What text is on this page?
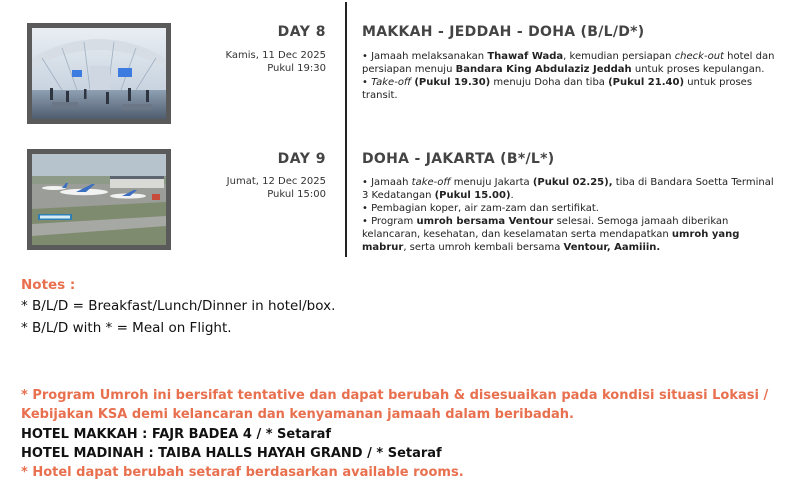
DAY 8
Kamis, 11 Dec 2025
Pukul 19:30
MAKKAH - JEDDAH - DOHA (B/L/D*)

• Jamaah melaksanakan Thawaf Wada, kemudian persiapan check-out hotel dan persiapan menuju Bandara King Abdulaziz Jeddah untuk proses kepulangan.

• Take-off (Pukul 19.30) menuju Doha dan tiba (Pukul 21.40) untuk proses transit.

DAY 9
Jumat, 12 Dec 2025
Pukul 15:00
DOHA - JAKARTA (B*/L*)

• Jamaah take-off menuju Jakarta (Pukul 02.25), tiba di Bandara Soetta Terminal 3 Kedatangan (Pukul 15.00).

• Pembagian koper, air zam-zam dan sertifikat.

• Program umroh bersama Ventour selesai. Semoga jamaah diberikan kelancaran, kesehatan, dan keselamatan serta mendapatkan umroh yang mabrur, serta umroh kembali bersama Ventour, Aamiiin.

Notes :
* B/L/D = Breakfast/Lunch/Dinner in hotel/box.
* B/L/D with * = Meal on Flight.
* Program Umroh ini bersifat tentative dan dapat berubah & disesuaikan pada kondisi situasi Lokasi / Kebijakan KSA demi kelancaran dan kenyamanan jamaah dalam beribadah.
HOTEL MAKKAH : FAJR BADEA 4 / * Setaraf
HOTEL MADINAH : TAIBA HALLS HAYAH GRAND / * Setaraf
* Hotel dapat berubah setaraf berdasarkan available rooms.
